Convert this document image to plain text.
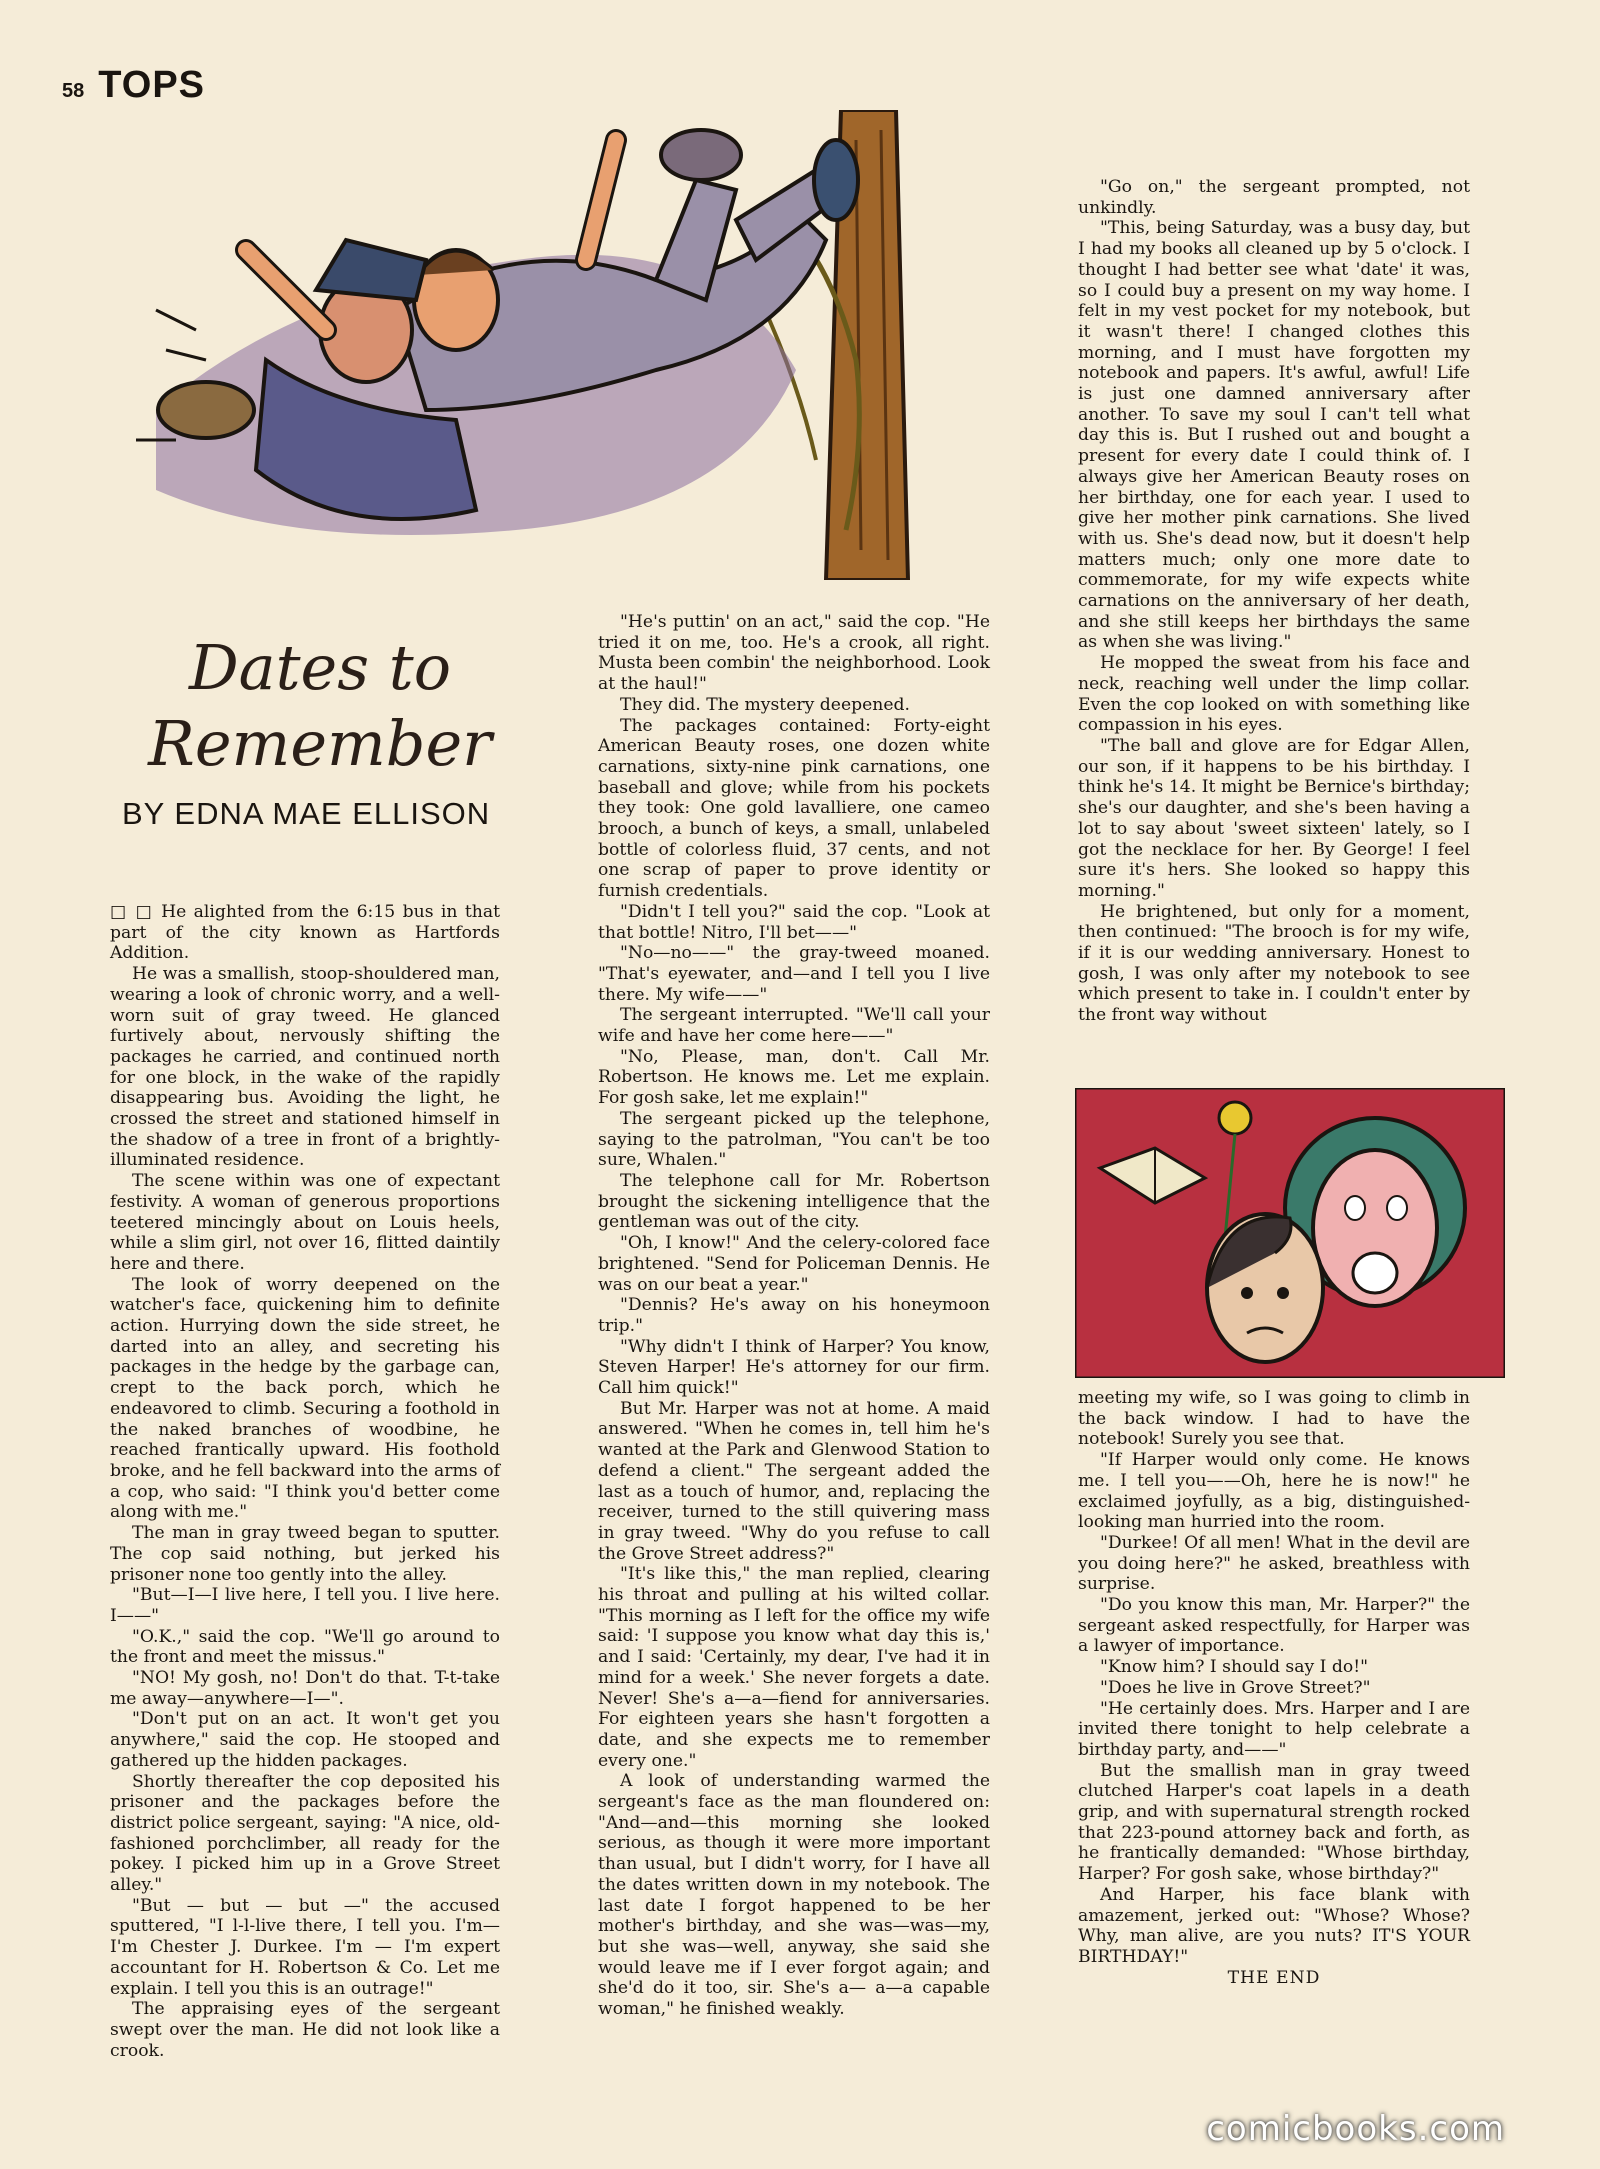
58 TOPS
Dates to
Remember
BY EDNA MAE ELLISON

□ □ He alighted from the 6:15 bus in that part of the city known as Hartfords Addition.

He was a smallish, stoop-shouldered man, wearing a look of chronic worry, and a well-worn suit of gray tweed. He glanced furtively about, nervously shifting the packages he carried, and continued north for one block, in the wake of the rapidly disappearing bus. Avoiding the light, he crossed the street and stationed himself in the shadow of a tree in front of a brightly-illuminated residence.

The scene within was one of expectant festivity. A woman of generous proportions teetered mincingly about on Louis heels, while a slim girl, not over 16, flitted daintily here and there.

The look of worry deepened on the watcher's face, quickening him to definite action. Hurrying down the side street, he darted into an alley, and secreting his packages in the hedge by the garbage can, crept to the back porch, which he endeavored to climb. Securing a foothold in the naked branches of woodbine, he reached frantically upward. His foothold broke, and he fell backward into the arms of a cop, who said: "I think you'd better come along with me."

The man in gray tweed began to sputter. The cop said nothing, but jerked his prisoner none too gently into the alley.

"But—I—I live here, I tell you. I live here. I——"

"O.K.," said the cop. "We'll go around to the front and meet the missus."

"NO! My gosh, no! Don't do that. T-t-take me away—anywhere—I—".

"Don't put on an act. It won't get you anywhere," said the cop. He stooped and gathered up the hidden packages.

Shortly thereafter the cop deposited his prisoner and the packages before the district police sergeant, saying: "A nice, old-fashioned porchclimber, all ready for the pokey. I picked him up in a Grove Street alley."

"But — but — but —" the accused sputtered, "I l-l-live there, I tell you. I'm—I'm Chester J. Durkee. I'm — I'm expert accountant for H. Robertson & Co. Let me explain. I tell you this is an outrage!"

The appraising eyes of the sergeant swept over the man. He did not look like a crook.

"He's puttin' on an act," said the cop. "He tried it on me, too. He's a crook, all right. Musta been combin' the neighborhood. Look at the haul!"

They did. The mystery deepened.

The packages contained: Forty-eight American Beauty roses, one dozen white carnations, sixty-nine pink carnations, one baseball and glove; while from his pockets they took: One gold lavalliere, one cameo brooch, a bunch of keys, a small, unlabeled bottle of colorless fluid, 37 cents, and not one scrap of paper to prove identity or furnish credentials.

"Didn't I tell you?" said the cop. "Look at that bottle! Nitro, I'll bet——"

"No—no——" the gray-tweed moaned. "That's eyewater, and—and I tell you I live there. My wife——"

The sergeant interrupted. "We'll call your wife and have her come here——"

"No, Please, man, don't. Call Mr. Robertson. He knows me. Let me explain. For gosh sake, let me explain!"

The sergeant picked up the telephone, saying to the patrolman, "You can't be too sure, Whalen."

The telephone call for Mr. Robertson brought the sickening intelligence that the gentleman was out of the city.

"Oh, I know!" And the celery-colored face brightened. "Send for Policeman Dennis. He was on our beat a year."

"Dennis? He's away on his honeymoon trip."

"Why didn't I think of Harper? You know, Steven Harper! He's attorney for our firm. Call him quick!"

But Mr. Harper was not at home. A maid answered. "When he comes in, tell him he's wanted at the Park and Glenwood Station to defend a client." The sergeant added the last as a touch of humor, and, replacing the receiver, turned to the still quivering mass in gray tweed. "Why do you refuse to call the Grove Street address?"

"It's like this," the man replied, clearing his throat and pulling at his wilted collar. "This morning as I left for the office my wife said: 'I suppose you know what day this is,' and I said: 'Certainly, my dear, I've had it in mind for a week.' She never forgets a date. Never! She's a—a—fiend for anniversaries. For eighteen years she hasn't forgotten a date, and she expects me to remember every one."

A look of understanding warmed the sergeant's face as the man floundered on: "And—and—this morning she looked serious, as though it were more important than usual, but I didn't worry, for I have all the dates written down in my notebook. The last date I forgot happened to be her mother's birthday, and she was—was—my, but she was—well, anyway, she said she would leave me if I ever forgot again; and she'd do it too, sir. She's a— a—a capable woman," he finished weakly.

"Go on," the sergeant prompted, not unkindly.

"This, being Saturday, was a busy day, but I had my books all cleaned up by 5 o'clock. I thought I had better see what 'date' it was, so I could buy a present on my way home. I felt in my vest pocket for my notebook, but it wasn't there! I changed clothes this morning, and I must have forgotten my notebook and papers. It's awful, awful! Life is just one damned anniversary after another. To save my soul I can't tell what day this is. But I rushed out and bought a present for every date I could think of. I always give her American Beauty roses on her birthday, one for each year. I used to give her mother pink carnations. She lived with us. She's dead now, but it doesn't help matters much; only one more date to commemorate, for my wife expects white carnations on the anniversary of her death, and she still keeps her birthdays the same as when she was living."

He mopped the sweat from his face and neck, reaching well under the limp collar. Even the cop looked on with something like compassion in his eyes.

"The ball and glove are for Edgar Allen, our son, if it happens to be his birthday. I think he's 14. It might be Bernice's birthday; she's our daughter, and she's been having a lot to say about 'sweet sixteen' lately, so I got the necklace for her. By George! I feel sure it's hers. She looked so happy this morning."

He brightened, but only for a moment, then continued: "The brooch is for my wife, if it is our wedding anniversary. Honest to gosh, I was only after my notebook to see which present to take in. I couldn't enter by the front way without

meeting my wife, so I was going to climb in the back window. I had to have the notebook! Surely you see that.

"If Harper would only come. He knows me. I tell you——Oh, here he is now!" he exclaimed joyfully, as a big, distinguished-looking man hurried into the room.

"Durkee! Of all men! What in the devil are you doing here?" he asked, breathless with surprise.

"Do you know this man, Mr. Harper?" the sergeant asked respectfully, for Harper was a lawyer of importance.

"Know him? I should say I do!"

"Does he live in Grove Street?"

"He certainly does. Mrs. Harper and I are invited there tonight to help celebrate a birthday party, and——"

But the smallish man in gray tweed clutched Harper's coat lapels in a death grip, and with supernatural strength rocked that 223-pound attorney back and forth, as he frantically demanded: "Whose birthday, Harper? For gosh sake, whose birthday?"

And Harper, his face blank with amazement, jerked out: "Whose? Whose? Why, man alive, are you nuts? IT'S YOUR BIRTHDAY!"

THE END

comicbooks.com
